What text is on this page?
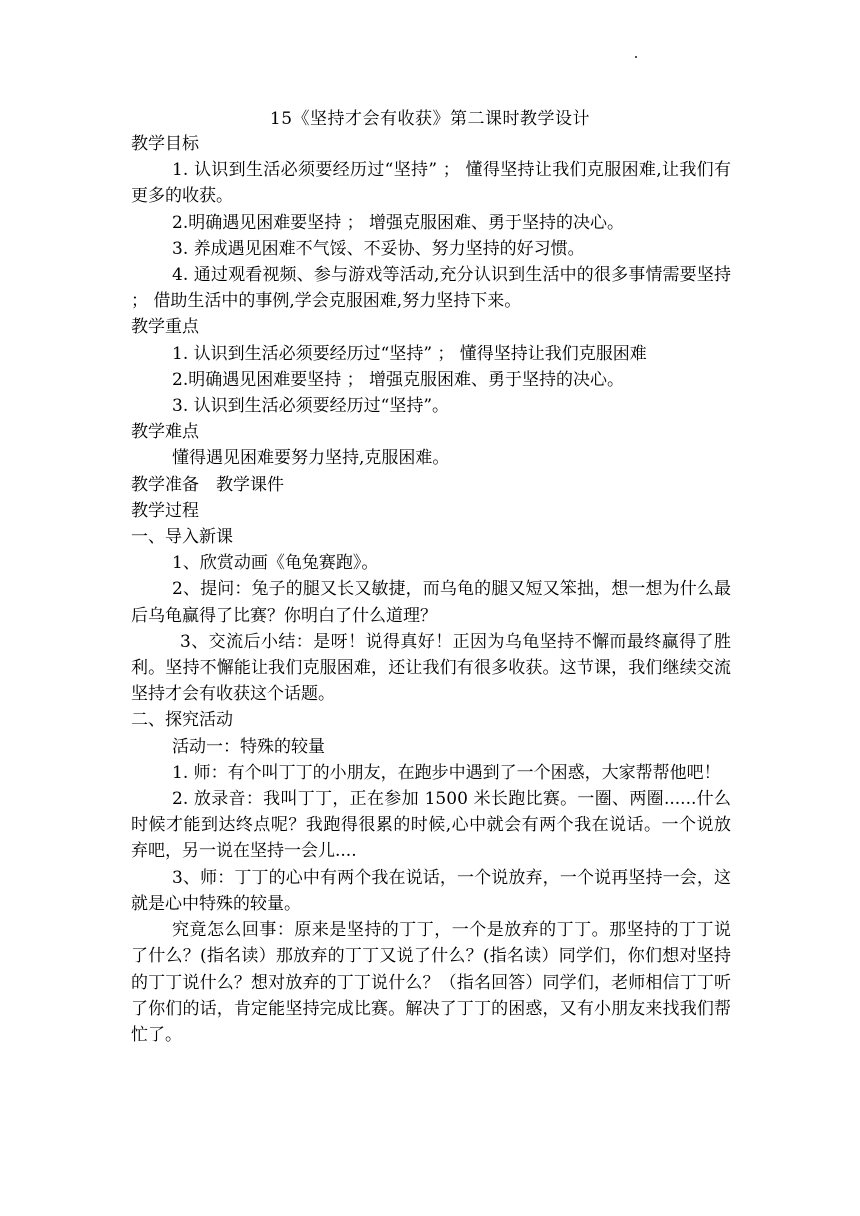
15《坚持才会有收获》第二课时教学设计

教学目标

1. 认识到生活必须要经历过“坚持” ； 懂得坚持让我们克服困难,让我们有更多的收获。

2.明确遇见困难要坚持 ； 增强克服困难、勇于坚持的决心。

3. 养成遇见困难不气馁、不妥协、努力坚持的好习惯。

4. 通过观看视频、参与游戏等活动,充分认识到生活中的很多事情需要坚持 ； 借助生活中的事例,学会克服困难,努力坚持下来。

教学重点

1. 认识到生活必须要经历过“坚持” ； 懂得坚持让我们克服困难

2.明确遇见困难要坚持 ； 增强克服困难、勇于坚持的决心。

3. 认识到生活必须要经历过“坚持”。

教学难点

懂得遇见困难要努力坚持,克服困难。

教学准备　教学课件

教学过程

一、导入新课

1、欣赏动画《龟兔赛跑》。

2、提问：兔子的腿又长又敏捷，而乌龟的腿又短又笨拙，想一想为什么最后乌龟赢得了比赛？你明白了什么道理？

3、交流后小结：是呀！说得真好！正因为乌龟坚持不懈而最终赢得了胜利。坚持不懈能让我们克服困难，还让我们有很多收获。这节课，我们继续交流坚持才会有收获这个话题。

二、探究活动

活动一：特殊的较量

1. 师：有个叫丁丁的小朋友，在跑步中遇到了一个困惑，大家帮帮他吧！

2. 放录音：我叫丁丁，正在参加 1500 米长跑比赛。一圈、两圈......什么时候才能到达终点呢？我跑得很累的时候,心中就会有两个我在说话。一个说放弃吧，另一说在坚持一会儿....

3、师：丁丁的心中有两个我在说话，一个说放弃，一个说再坚持一会，这就是心中特殊的较量。

究竟怎么回事：原来是坚持的丁丁，一个是放弃的丁丁。那坚持的丁丁说了什么？(指名读）那放弃的丁丁又说了什么？(指名读）同学们，你们想对坚持的丁丁说什么？想对放弃的丁丁说什么？（指名回答）同学们，老师相信丁丁听了你们的话，肯定能坚持完成比赛。解决了丁丁的困惑，又有小朋友来找我们帮忙了。
